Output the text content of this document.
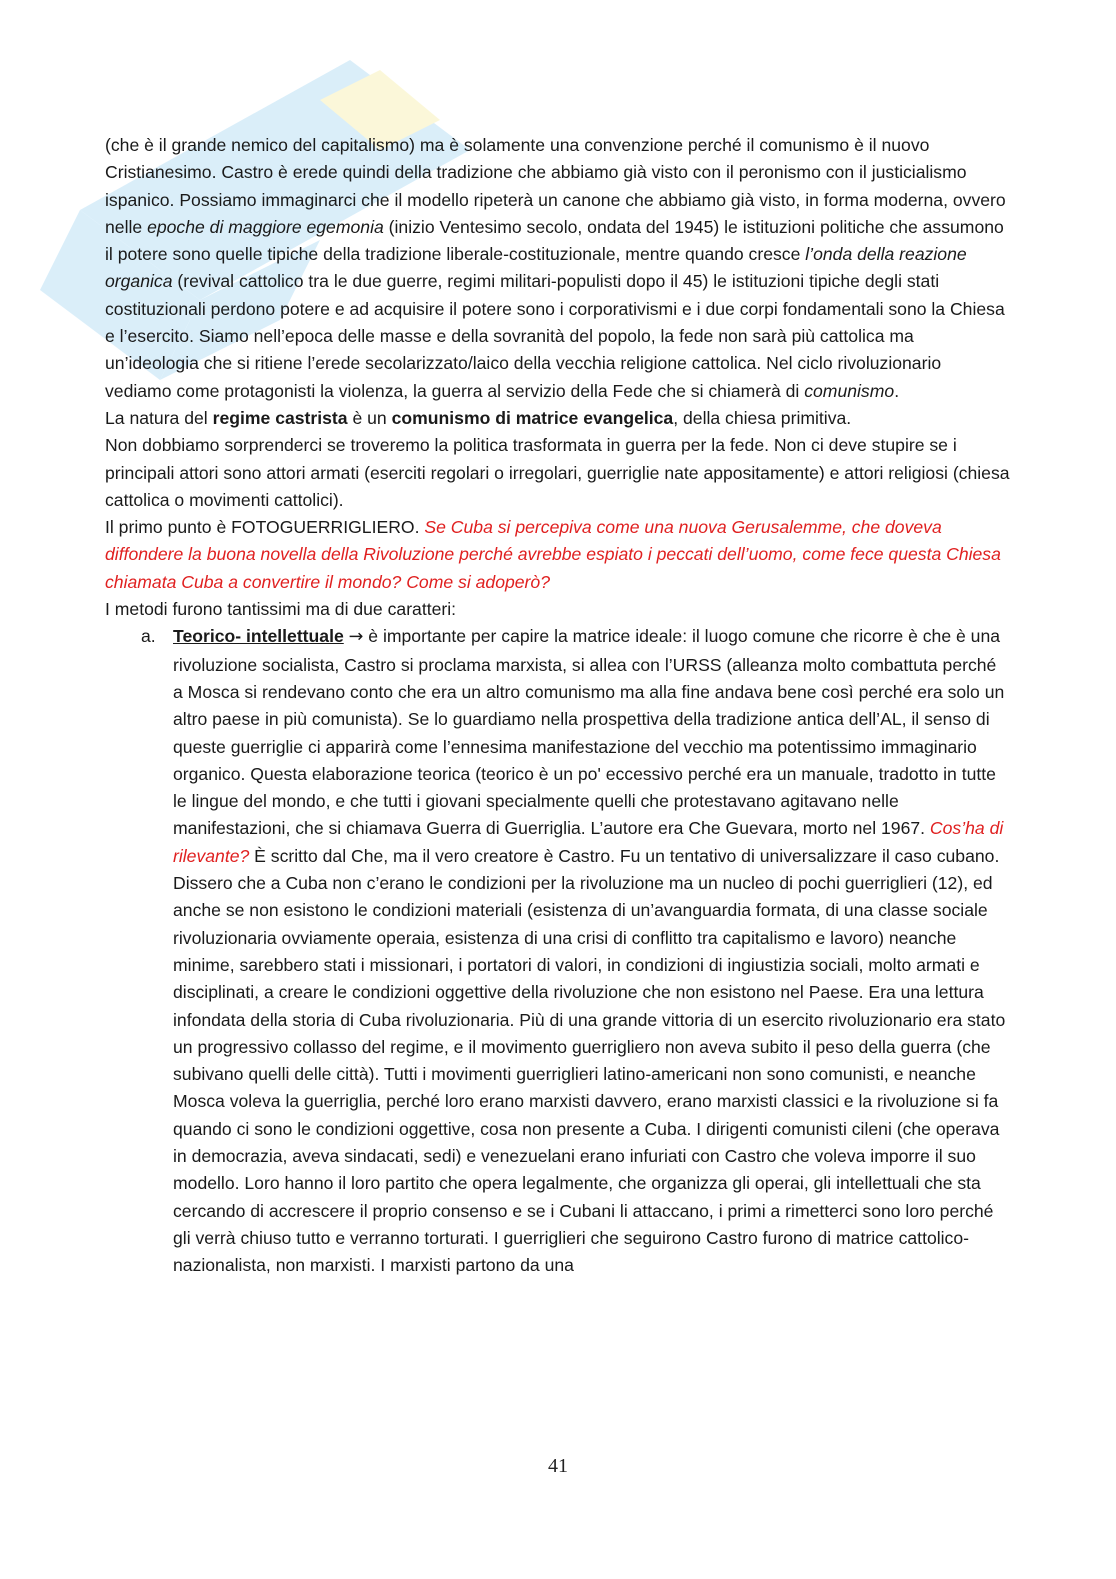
(che è il grande nemico del capitalismo) ma è solamente una convenzione perché il comunismo è il nuovo Cristianesimo. Castro è erede quindi della tradizione che abbiamo già visto con il peronismo con il justicialismo ispanico. Possiamo immaginarci che il modello ripeterà un canone che abbiamo già visto, in forma moderna, ovvero nelle epoche di maggiore egemonia (inizio Ventesimo secolo, ondata del 1945) le istituzioni politiche che assumono il potere sono quelle tipiche della tradizione liberale-costituzionale, mentre quando cresce l’onda della reazione organica (revival cattolico tra le due guerre, regimi militari-populisti dopo il 45) le istituzioni tipiche degli stati costituzionali perdono potere e ad acquisire il potere sono i corporativismi e i due corpi fondamentali sono la Chiesa e l’esercito. Siamo nell’epoca delle masse e della sovranità del popolo, la fede non sarà più cattolica ma un’ideologia che si ritiene l’erede secolarizzato/laico della vecchia religione cattolica. Nel ciclo rivoluzionario vediamo come protagonisti la violenza, la guerra al servizio della Fede che si chiamerà di comunismo.

La natura del regime castrista è un comunismo di matrice evangelica, della chiesa primitiva.

Non dobbiamo sorprenderci se troveremo la politica trasformata in guerra per la fede. Non ci deve stupire se i principali attori sono attori armati (eserciti regolari o irregolari, guerriglie nate appositamente) e attori religiosi (chiesa cattolica o movimenti cattolici).

Il primo punto è FOTOGUERRIGLIERO. Se Cuba si percepiva come una nuova Gerusalemme, che doveva diffondere la buona novella della Rivoluzione perché avrebbe espiato i peccati dell’uomo, come fece questa Chiesa chiamata Cuba a convertire il mondo? Come si adoperò?

I metodi furono tantissimi ma di due caratteri:

a. Teorico- intellettuale → è importante per capire la matrice ideale: il luogo comune che ricorre è che è una rivoluzione socialista, Castro si proclama marxista, si allea con l’URSS (alleanza molto combattuta perché a Mosca si rendevano conto che era un altro comunismo ma alla fine andava bene così perché era solo un altro paese in più comunista). Se lo guardiamo nella prospettiva della tradizione antica dell’AL, il senso di queste guerriglie ci apparirà come l’ennesima manifestazione del vecchio ma potentissimo immaginario organico. Questa elaborazione teorica (teorico è un po' eccessivo perché era un manuale, tradotto in tutte le lingue del mondo, e che tutti i giovani specialmente quelli che protestavano agitavano nelle manifestazioni, che si chiamava Guerra di Guerriglia. L’autore era Che Guevara, morto nel 1967. Cos’ha di rilevante? È scritto dal Che, ma il vero creatore è Castro. Fu un tentativo di universalizzare il caso cubano. Dissero che a Cuba non c’erano le condizioni per la rivoluzione ma un nucleo di pochi guerriglieri (12), ed anche se non esistono le condizioni materiali (esistenza di un’avanguardia formata, di una classe sociale rivoluzionaria ovviamente operaia, esistenza di una crisi di conflitto tra capitalismo e lavoro) neanche minime, sarebbero stati i missionari, i portatori di valori, in condizioni di ingiustizia sociali, molto armati e disciplinati, a creare le condizioni oggettive della rivoluzione che non esistono nel Paese. Era una lettura infondata della storia di Cuba rivoluzionaria. Più di una grande vittoria di un esercito rivoluzionario era stato un progressivo collasso del regime, e il movimento guerrigliero non aveva subito il peso della guerra (che subivano quelli delle città). Tutti i movimenti guerriglieri latino-americani non sono comunisti, e neanche Mosca voleva la guerriglia, perché loro erano marxisti davvero, erano marxisti classici e la rivoluzione si fa quando ci sono le condizioni oggettive, cosa non presente a Cuba. I dirigenti comunisti cileni (che operava in democrazia, aveva sindacati, sedi) e venezuelani erano infuriati con Castro che voleva imporre il suo modello. Loro hanno il loro partito che opera legalmente, che organizza gli operai, gli intellettuali che sta cercando di accrescere il proprio consenso e se i Cubani li attaccano, i primi a rimetterci sono loro perché gli verrà chiuso tutto e verranno torturati. I guerriglieri che seguirono Castro furono di matrice cattolico-nazionalista, non marxisti. I marxisti partono da una
41
